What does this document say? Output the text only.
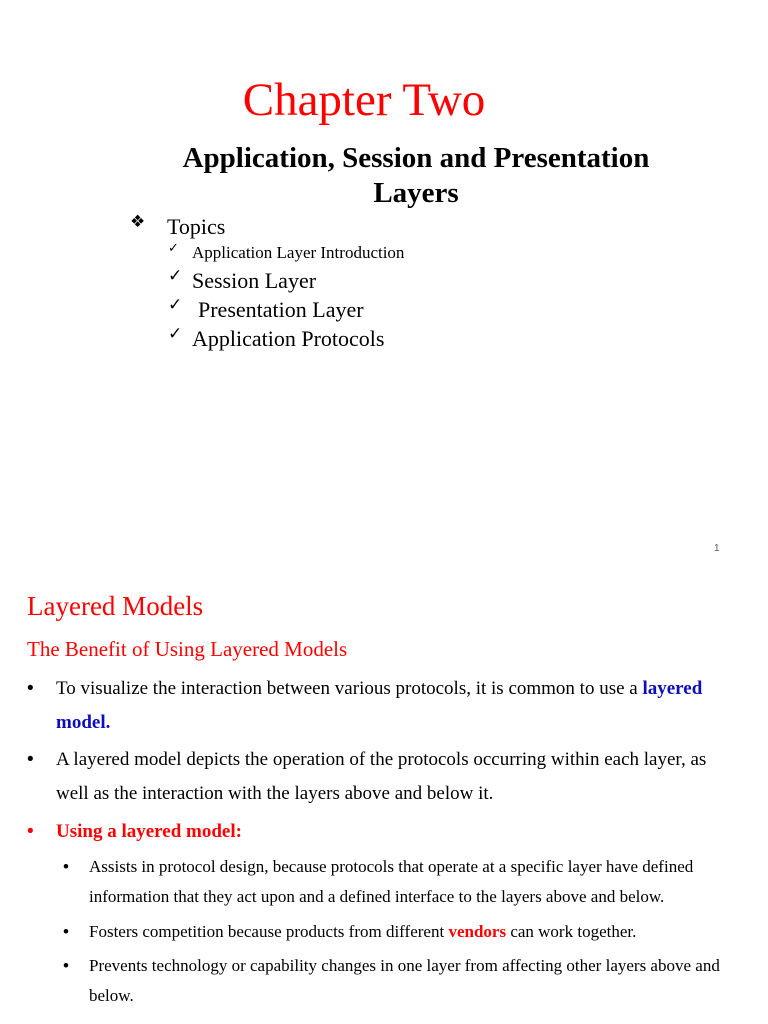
Chapter Two
Application, Session and Presentation Layers
❖ Topics
✓ Application Layer Introduction
✓ Session Layer
✓ Presentation Layer
✓ Application Protocols
1
Layered Models
The Benefit of Using Layered Models
• To visualize the interaction between various protocols, it is common to use a layered model.
• A layered model depicts the operation of the protocols occurring within each layer, as well as the interaction with the layers above and below it.
• Using a layered model:
• Assists in protocol design, because protocols that operate at a specific layer have defined information that they act upon and a defined interface to the layers above and below.
• Fosters competition because products from different vendors can work together.
• Prevents technology or capability changes in one layer from affecting other layers above and below.
